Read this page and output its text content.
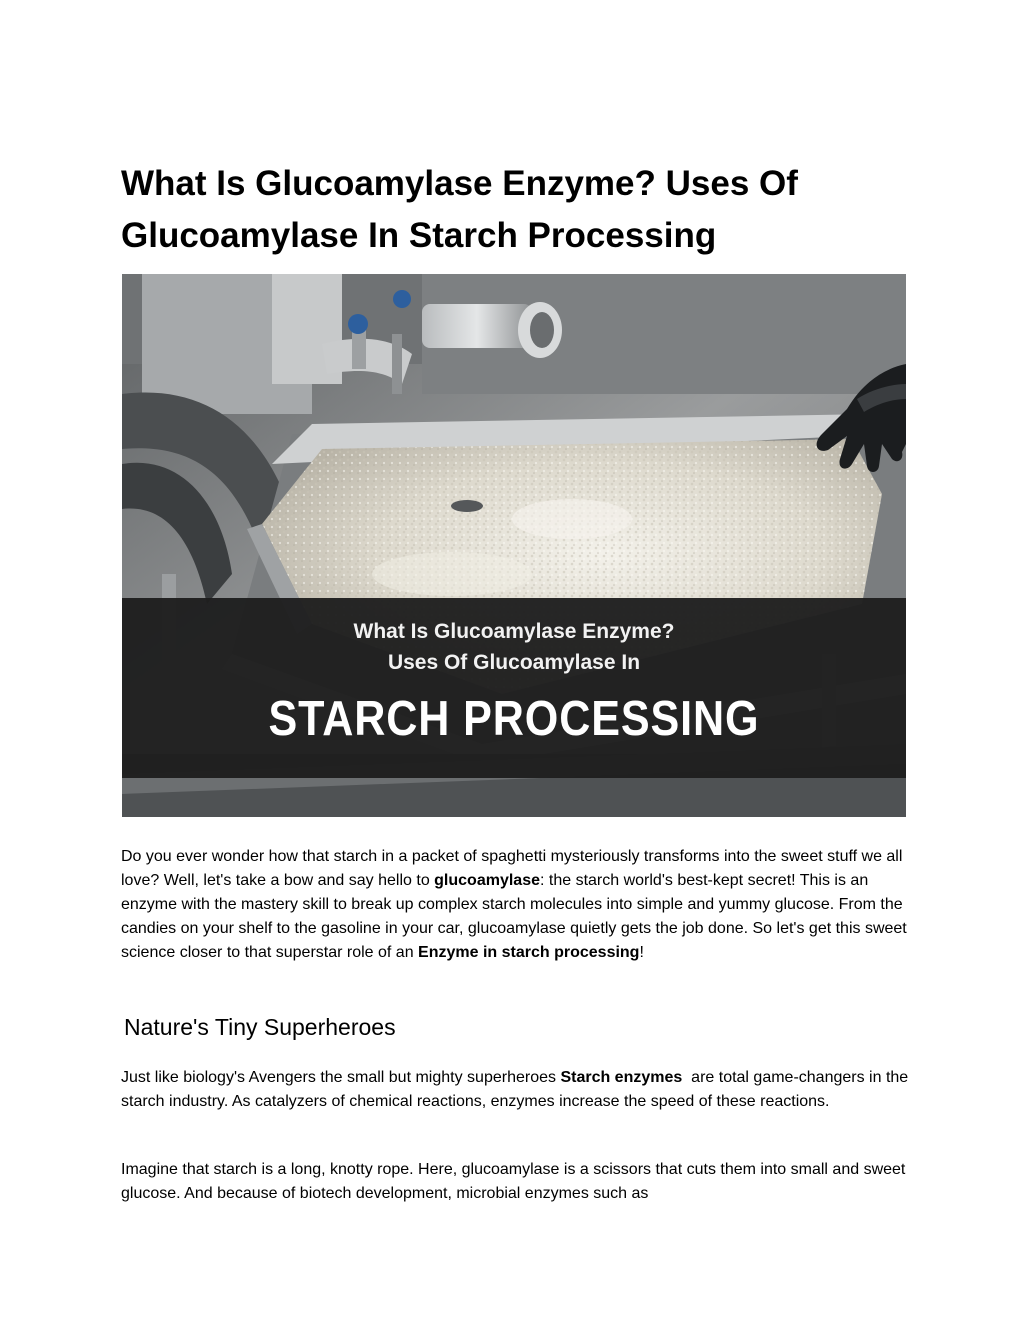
What Is Glucoamylase Enzyme? Uses Of Glucoamylase In Starch Processing
What Is Glucoamylase Enzyme?
Uses Of Glucoamylase In
STARCH PROCESSING

Do you ever wonder how that starch in a packet of spaghetti mysteriously transforms into the sweet stuff we all love? Well, let's take a bow and say hello to glucoamylase: the starch world's best-kept secret! This is an enzyme with the mastery skill to break up complex starch molecules into simple and yummy glucose. From the candies on your shelf to the gasoline in your car, glucoamylase quietly gets the job done. So let's get this sweet science closer to that superstar role of an Enzyme in starch processing!

Nature's Tiny Superheroes

Just like biology's Avengers the small but mighty superheroes Starch enzymes  are total game-changers in the starch industry. As catalyzers of chemical reactions, enzymes increase the speed of these reactions.

Imagine that starch is a long, knotty rope. Here, glucoamylase is a scissors that cuts them into small and sweet glucose. And because of biotech development, microbial enzymes such as
